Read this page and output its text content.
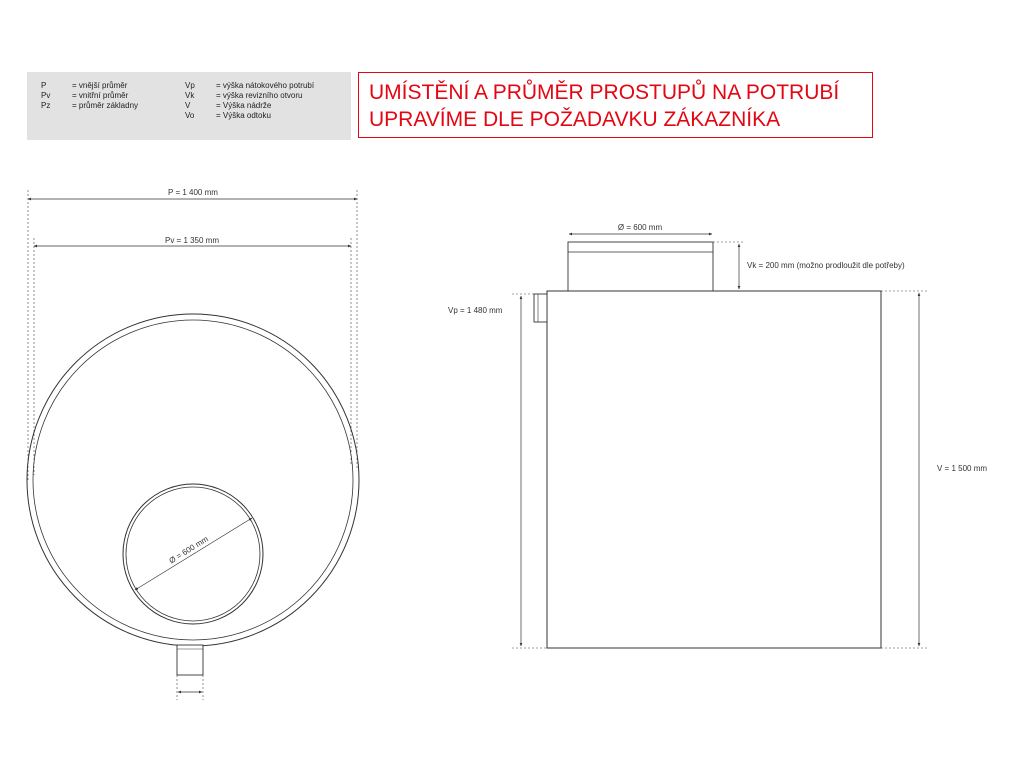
P	= vnější průměr
Pv	= vnitřní průměr
Pz	= průměr základny
Vp	= výška nátokového potrubí
Vk	= výška revizního otvoru
V	= Výška nádrže
Vo	= Výška odtoku
UMÍSTĚNÍ A PRŮMĚR PROSTUPŮ NA POTRUBÍ
UPRAVÍME DLE POŽADAVKU ZÁKAZNÍKA
P = 1 400 mm
Pv = 1 350 mm
Ø = 600 mm
Ø = 600 mm
Vk = 200 mm (možno prodloužit dle potřeby)
Vp = 1 480 mm
V = 1 500 mm
